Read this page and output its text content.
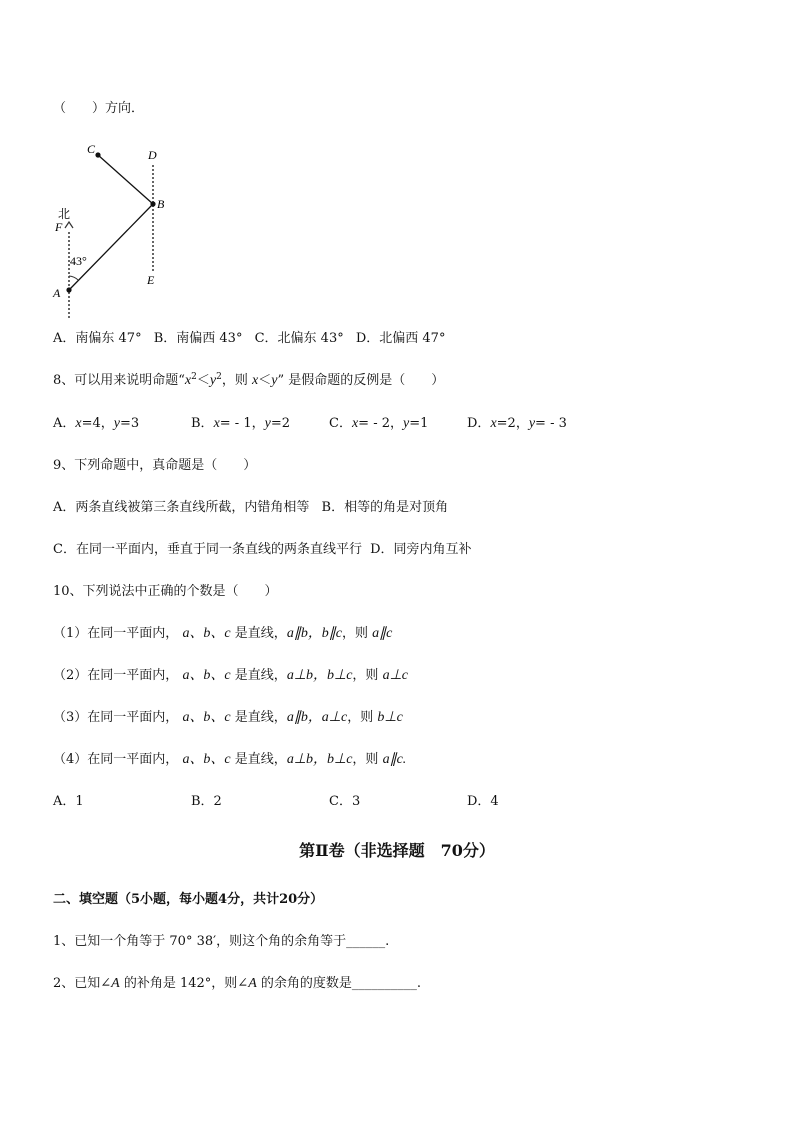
（　　）方向．
C	D
B
北
F
43°
A
E
A．南偏东 47° B．南偏西 43° C．北偏东 43° D．北偏西 47°
8、可以用来说明命题“$x^2<y^2$，则 x＜y” 是假命题的反例是（　　）
A．x=4，y=3	B．x= - 1，y=2	C．x= - 2，y=1	D．x=2，y= - 3
9、下列命题中，真命题是（　　）
A．两条直线被第三条直线所截，内错角相等 B．相等的角是对顶角
C．在同一平面内，垂直于同一条直线的两条直线平行 D．同旁内角互补
10、下列说法中正确的个数是（　　）
（1）在同一平面内， a、b、c 是直线，a∥b，b∥c，则 a∥c
（2）在同一平面内， a、b、c 是直线，a⊥b，b⊥c，则 a⊥c
（3）在同一平面内， a、b、c 是直线，a∥b，a⊥c，则 b⊥c
（4）在同一平面内， a、b、c 是直线，a⊥b，b⊥c，则 a∥c.
A．1	B．2	C．3	D．4
第Ⅱ卷（非选择题　70分）
二、填空题（5小题，每小题4分，共计20分）
1、已知一个角等于 70° 38′，则这个角的余角等于______.
2、已知∠A 的补角是 142°，则∠A 的余角的度数是__________.
